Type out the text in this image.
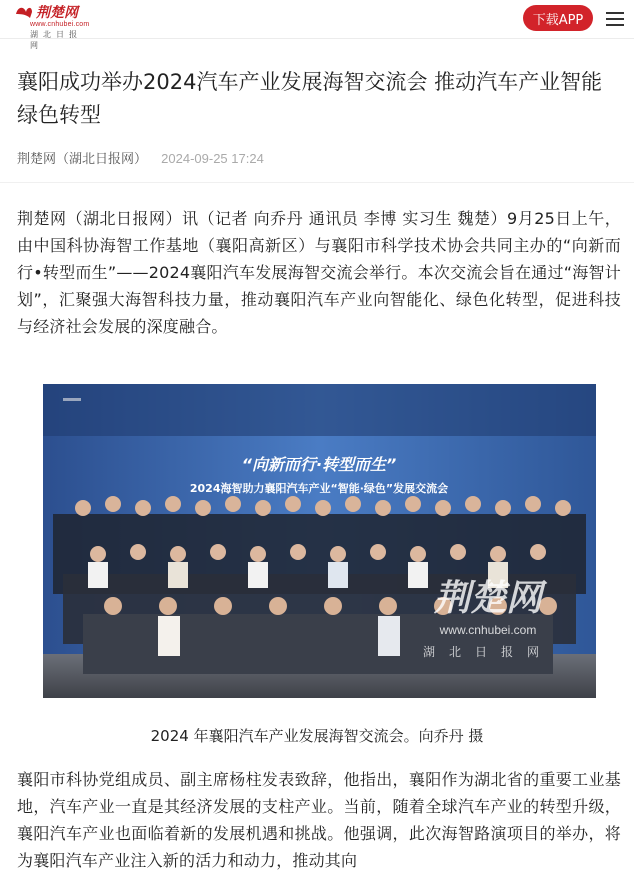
荆楚网
www.cnhubei.com
湖北日报网
下载APP
襄阳成功举办2024汽车产业发展海智交流会 推动汽车产业智能绿色转型
荆楚网（湖北日报网） 2024-09-25 17:24

荆楚网（湖北日报网）讯（记者 向乔丹 通讯员 李博 实习生 魏楚）9月25日上午，由中国科协海智工作基地（襄阳高新区）与襄阳市科学技术协会共同主办的“向新而行•转型而生”——2024襄阳汽车发展海智交流会举行。本次交流会旨在通过“海智计划”，汇聚强大海智科技力量，推动襄阳汽车产业向智能化、绿色化转型，促进科技与经济社会发展的深度融合。

“向新而行·转型而生”
2024海智助力襄阳汽车产业“智能·绿色”发展交流会
荆楚网
www.cnhubei.com
湖北日报网

2024 年襄阳汽车产业发展海智交流会。向乔丹 摄

襄阳市科协党组成员、副主席杨柱发表致辞，他指出，襄阳作为湖北省的重要工业基地，汽车产业一直是其经济发展的支柱产业。当前，随着全球汽车产业的转型升级，襄阳汽车产业也面临着新的发展机遇和挑战。他强调，此次海智路演项目的举办，将为襄阳汽车产业注入新的活力和动力，推动其向
